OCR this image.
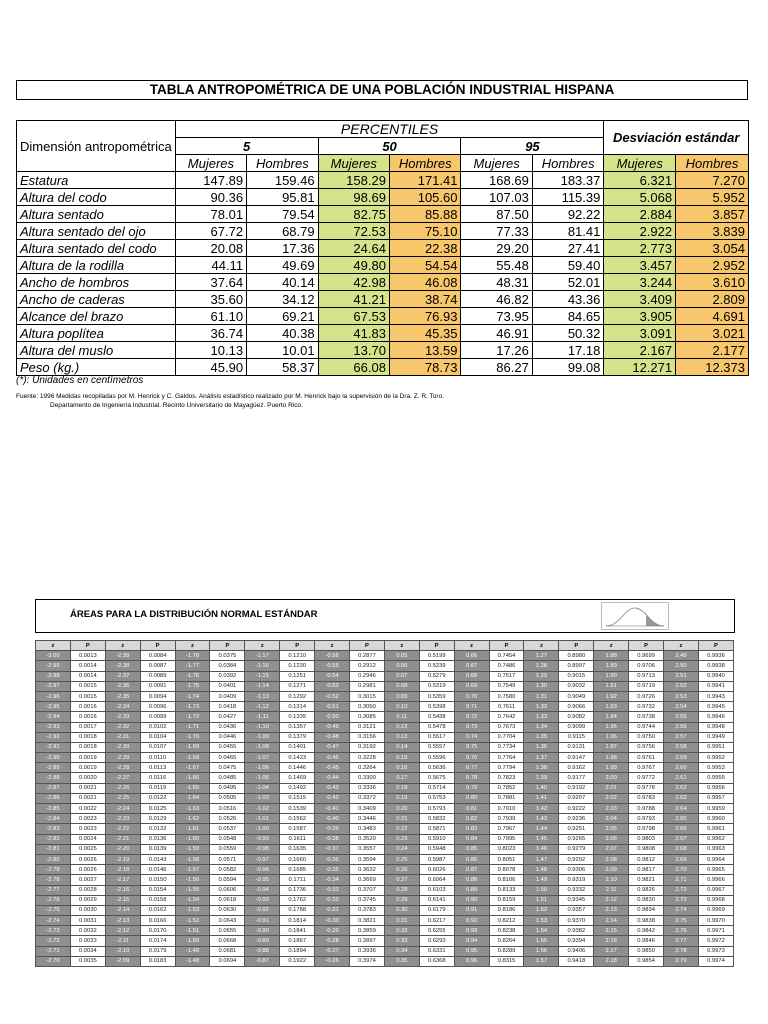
TABLA ANTROPOMÉTRICA DE UNA POBLACIÓN INDUSTRIAL HISPANA
Dimensión antropométrica	PERCENTILES						Desviación estándar	
	5		50		95			
	Mujeres	Hombres	Mujeres	Hombres	Mujeres	Hombres	Mujeres	Hombres
Estatura	147.89	159.46	158.29	171.41	168.69	183.37	6.321	7.270
Altura del codo	90.36	95.81	98.69	105.60	107.03	115.39	5.068	5.952
Altura sentado	78.01	79.54	82.75	85.88	87.50	92.22	2.884	3.857
Altura sentado del ojo	67.72	68.79	72.53	75.10	77.33	81.41	2.922	3.839
Altura sentado del codo	20.08	17.36	24.64	22.38	29.20	27.41	2.773	3.054
Altura de la rodilla	44.11	49.69	49.80	54.54	55.48	59.40	3.457	2.952
Ancho de hombros	37.64	40.14	42.98	46.08	48.31	52.01	3.244	3.610
Ancho de caderas	35.60	34.12	41.21	38.74	46.82	43.36	3.409	2.809
Alcance del brazo	61.10	69.21	67.53	76.93	73.95	84.65	3.905	4.691
Altura poplítea	36.74	40.38	41.83	45.35	46.91	50.32	3.091	3.021
Altura del muslo	10.13	10.01	13.70	13.59	17.26	17.18	2.167	2.177
Peso (kg.)	45.90	58.37	66.08	78.73	86.27	99.08	12.271	12.373
(*): Unidades en centímetros
Fuente: 1996 Medidas recopiladas por M. Henrick y C. Galdos. Análisis estadístico realizado por M. Henrick bajo la supervisión de la Dra. Z. R. Toro.
Departamento de Ingeniería Industrial. Recinto Universitario de Mayagüez. Puerto Rico.
ÁREAS PARA LA DISTRIBUCIÓN NORMAL ESTÁNDAR
z	P	z	P	z	P	z	P	z	P	z	P	z	P	z	P	z	P	z	P
-3.00	0.0013	-2.39	0.0084	-1.78	0.0375	-1.17	0.1210	-0.56	0.2877	0.05	0.5199	0.66	0.7454	1.27	0.8980	1.88	0.9699	2.49	0.9936
-2.99	0.0014	-2.38	0.0087	-1.77	0.0384	-1.16	0.1230	-0.55	0.2912	0.06	0.5239	0.67	0.7486	1.28	0.8997	1.89	0.9706	2.50	0.9938
-2.98	0.0014	-2.37	0.0089	-1.76	0.0392	-1.15	0.1251	-0.54	0.2946	0.07	0.5279	0.68	0.7517	1.29	0.9015	1.90	0.9713	2.51	0.9940
-2.97	0.0015	-2.36	0.0091	-1.75	0.0401	-1.14	0.1271	-0.53	0.2981	0.08	0.5319	0.69	0.7549	1.30	0.9032	1.91	0.9719	2.52	0.9941
-2.96	0.0015	-2.35	0.0094	-1.74	0.0409	-1.13	0.1292	-0.52	0.3015	0.09	0.5359	0.70	0.7580	1.31	0.9049	1.92	0.9726	2.53	0.9943
-2.95	0.0016	-2.34	0.0096	-1.73	0.0418	-1.12	0.1314	-0.51	0.3050	0.10	0.5398	0.71	0.7611	1.32	0.9066	1.93	0.9732	2.54	0.9945
-2.94	0.0016	-2.33	0.0099	-1.72	0.0427	-1.11	0.1335	-0.50	0.3085	0.11	0.5438	0.72	0.7642	1.33	0.9082	1.94	0.9738	2.55	0.9946
-2.93	0.0017	-2.32	0.0102	-1.71	0.0436	-1.10	0.1357	-0.49	0.3121	0.12	0.5478	0.73	0.7673	1.34	0.9099	1.95	0.9744	2.56	0.9948
-2.92	0.0018	-2.31	0.0104	-1.70	0.0446	-1.09	0.1379	-0.48	0.3156	0.13	0.5517	0.74	0.7704	1.35	0.9115	1.96	0.9750	2.57	0.9949
-2.91	0.0018	-2.30	0.0107	-1.69	0.0455	-1.08	0.1401	-0.47	0.3192	0.14	0.5557	0.75	0.7734	1.36	0.9131	1.97	0.9756	2.58	0.9951
-2.90	0.0019	-2.29	0.0110	-1.68	0.0465	-1.07	0.1423	-0.46	0.3228	0.15	0.5596	0.76	0.7764	1.37	0.9147	1.98	0.9761	2.59	0.9952
-2.89	0.0019	-2.28	0.0113	-1.67	0.0475	-1.06	0.1446	-0.45	0.3264	0.16	0.5636	0.77	0.7794	1.38	0.9162	1.99	0.9767	2.60	0.9953
-2.88	0.0020	-2.27	0.0116	-1.66	0.0485	-1.05	0.1469	-0.44	0.3300	0.17	0.5675	0.78	0.7823	1.39	0.9177	2.00	0.9772	2.61	0.9955
-2.87	0.0021	-2.26	0.0119	-1.65	0.0495	-1.04	0.1492	-0.43	0.3336	0.18	0.5714	0.79	0.7852	1.40	0.9192	2.01	0.9778	2.62	0.9956
-2.86	0.0021	-2.25	0.0122	-1.64	0.0505	-1.03	0.1515	-0.42	0.3372	0.19	0.5753	0.80	0.7881	1.41	0.9207	2.02	0.9783	2.63	0.9957
-2.85	0.0022	-2.24	0.0125	-1.63	0.0516	-1.02	0.1539	-0.41	0.3409	0.20	0.5793	0.81	0.7910	1.42	0.9222	2.03	0.9788	2.64	0.9959
-2.84	0.0023	-2.23	0.0129	-1.62	0.0526	-1.01	0.1562	-0.40	0.3446	0.21	0.5832	0.82	0.7939	1.43	0.9236	2.04	0.9793	2.65	0.9960
-2.83	0.0023	-2.22	0.0132	-1.61	0.0537	-1.00	0.1587	-0.39	0.3483	0.22	0.5871	0.83	0.7967	1.44	0.9251	2.05	0.9798	2.66	0.9961
-2.82	0.0024	-2.21	0.0136	-1.60	0.0548	-0.99	0.1611	-0.38	0.3520	0.23	0.5910	0.84	0.7995	1.45	0.9265	2.06	0.9803	2.67	0.9962
-2.81	0.0025	-2.20	0.0139	-1.59	0.0559	-0.98	0.1635	-0.37	0.3557	0.24	0.5948	0.85	0.8023	1.46	0.9279	2.07	0.9808	2.68	0.9963
-2.80	0.0026	-2.19	0.0143	-1.58	0.0571	-0.97	0.1660	-0.36	0.3594	0.25	0.5987	0.86	0.8051	1.47	0.9292	2.08	0.9812	2.69	0.9964
-2.79	0.0026	-2.18	0.0146	-1.57	0.0582	-0.96	0.1685	-0.35	0.3632	0.26	0.6026	0.87	0.8078	1.48	0.9306	2.09	0.9817	2.70	0.9965
-2.78	0.0027	-2.17	0.0150	-1.56	0.0594	-0.95	0.1711	-0.34	0.3669	0.27	0.6064	0.88	0.8106	1.49	0.9319	2.10	0.9821	2.71	0.9966
-2.77	0.0028	-2.16	0.0154	-1.55	0.0606	-0.94	0.1736	-0.33	0.3707	0.28	0.6103	0.89	0.8133	1.50	0.9332	2.11	0.9826	2.72	0.9967
-2.76	0.0029	-2.15	0.0158	-1.54	0.0618	-0.93	0.1762	-0.32	0.3745	0.29	0.6141	0.90	0.8159	1.51	0.9345	2.12	0.9830	2.73	0.9968
-2.75	0.0030	-2.14	0.0162	-1.53	0.0630	-0.92	0.1788	-0.31	0.3783	0.30	0.6179	0.91	0.8186	1.52	0.9357	2.13	0.9834	2.74	0.9969
-2.74	0.0031	-2.13	0.0166	-1.52	0.0643	-0.91	0.1814	-0.30	0.3821	0.31	0.6217	0.92	0.8212	1.53	0.9370	2.14	0.9838	2.75	0.9970
-2.73	0.0032	-2.12	0.0170	-1.51	0.0655	-0.90	0.1841	-0.29	0.3859	0.32	0.6255	0.93	0.8238	1.54	0.9382	2.15	0.9842	2.76	0.9971
-2.72	0.0033	-2.11	0.0174	-1.50	0.0668	-0.89	0.1867	-0.28	0.3897	0.33	0.6293	0.94	0.8264	1.55	0.9394	2.16	0.9846	2.77	0.9972
-2.71	0.0034	-2.10	0.0179	-1.49	0.0681	-0.88	0.1894	-0.27	0.3936	0.34	0.6331	0.95	0.8289	1.56	0.9406	2.17	0.9850	2.78	0.9973
-2.70	0.0035	-2.09	0.0183	-1.48	0.0694	-0.87	0.1922	-0.26	0.3974	0.35	0.6368	0.96	0.8315	1.57	0.9418	2.18	0.9854	2.79	0.9974
